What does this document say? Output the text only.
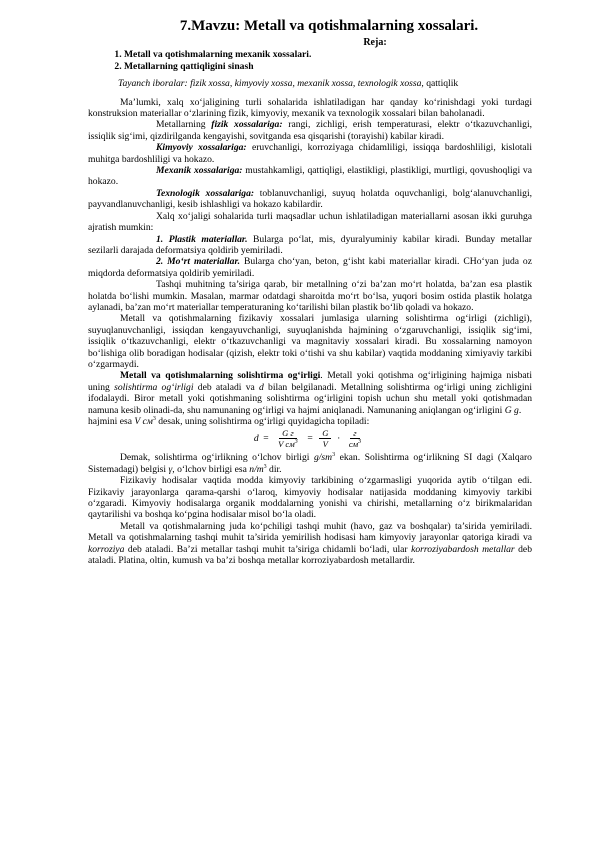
7.Mavzu: Metall va qotishmalarning xossalari.
Reja:
1. Metall va qotishmalarning mexanik xossalari.
2. Metallarning qattiqligini sinash

Tayanch iboralar: fizik xossa, kimyoviy xossa, mexanik xossa, texnologik xossa, qattiqlik

Ma’lumki, xalq xo‘jaligining turli sohalarida ishlatiladigan har qanday ko‘rinishdagi yoki turdagi konstruksion materiallar o‘zlarining fizik, kimyoviy, mexanik va texnologik xossalari bilan baholanadi.

Metallarning fizik xossalariga: rangi, zichligi, erish temperaturasi, elektr o‘tkazuvchanligi, issiqlik sig‘imi, qizdirilganda kengayishi, sovitganda esa qisqarishi (torayishi) kabilar kiradi.

Kimyoviy xossalariga: eruvchanligi, korroziyaga chidamliligi, issiqqa bardoshliligi, kislotali muhitga bardoshliligi va hokazo.

Mexanik xossalariga: mustahkamligi, qattiqligi, elastikligi, plastikligi, murtligi, qovushoqligi va hokazo.

Texnologik xossalariga: toblanuvchanligi, suyuq holatda oquvchanligi, bolg‘alanuvchanligi, payvandlanuvchanligi, kesib ishlashligi va hokazo kabilardir.

Xalq xo‘jaligi sohalarida turli maqsadlar uchun ishlatiladigan materiallarni asosan ikki guruhga ajratish mumkin:

1. Plastik materiallar. Bularga po‘lat, mis, dyuralyuminiy kabilar kiradi. Bunday metallar sezilarli darajada deformatsiya qoldirib yemiriladi.

2. Mo‘rt materiallar. Bularga cho‘yan, beton, g‘isht kabi materiallar kiradi. CHo‘yan juda oz miqdorda deformatsiya qoldirib yemiriladi.

Tashqi muhitning ta’siriga qarab, bir metallning o‘zi ba’zan mo‘rt holatda, ba’zan esa plastik holatda bo‘lishi mumkin. Masalan, marmar odatdagi sharoitda mo‘rt bo‘lsa, yuqori bosim ostida plastik holatga aylanadi, ba’zan mo‘rt materiallar temperaturaning ko‘tarilishi bilan plastik bo‘lib qoladi va hokazo.

Metall va qotishmalarning fizikaviy xossalari jumlasiga ularning solishtirma og‘irligi (zichligi), suyuqlanuvchanligi, issiqdan kengayuvchanligi, suyuqlanishda hajmining o‘zgaruvchanligi, issiqlik sig‘imi, issiqlik o‘tkazuvchanligi, elektr o‘tkazuvchanligi va magnitaviy xossalari kiradi. Bu xossalarning namoyon bo‘lishiga olib boradigan hodisalar (qizish, elektr toki o‘tishi va shu kabilar) vaqtida moddaning ximiyaviy tarkibi o‘zgarmaydi.

Metall va qotishmalarning solishtirma og‘irligi. Metall yoki qotishma og‘irligining hajmiga nisbati uning solishtirma og‘irligi deb ataladi va d bilan belgilanadi. Metallning solishtirma og‘irligi uning zichligini ifodalaydi. Biror metall yoki qotishmaning solishtirma og‘irligini topish uchun shu metall yoki qotishmadan namuna kesib olinadi-da, shu namunaning og‘irligi va hajmi aniqlanadi. Namunaning aniqlangan og‘irligini G g.

hajmini esa V $см^3$ desak, uning solishtirma og‘irligi quyidagicha topiladi:

$d = \frac{\text{G г}}{V см^3} = \frac{G}{V} \cdot \frac{г}{см^3}$

Demak, solishtirma og‘irlikning o‘lchov birligi $g/sm^3$ ekan. Solishtirma og‘irlikning SI dagi (Xalqaro Sistemadagi) belgisi γ, o‘lchov birligi esa $n/m^3$ dir.

Fizikaviy hodisalar vaqtida modda kimyoviy tarkibining o‘zgarmasligi yuqorida aytib o‘tilgan edi. Fizikaviy jarayonlarga qarama-qarshi o‘laroq, kimyoviy hodisalar natijasida moddaning kimyoviy tarkibi o‘zgaradi. Kimyoviy hodisalarga organik moddalarning yonishi va chirishi, metallarning o‘z birikmalaridan qaytarilishi va boshqa ko‘pgina hodisalar misol bo‘la oladi.

Metall va qotishmalarning juda ko‘pchiligi tashqi muhit (havo, gaz va boshqalar) ta’sirida yemiriladi. Metall va qotishmalarning tashqi muhit ta’sirida yemirilish hodisasi ham kimyoviy jarayonlar qatoriga kiradi va korroziya deb ataladi. Ba’zi metallar tashqi muhit ta’siriga chidamli bo‘ladi, ular korroziyabardosh metallar deb ataladi. Platina, oltin, kumush va ba’zi boshqa metallar korroziyabardosh metallardir.
